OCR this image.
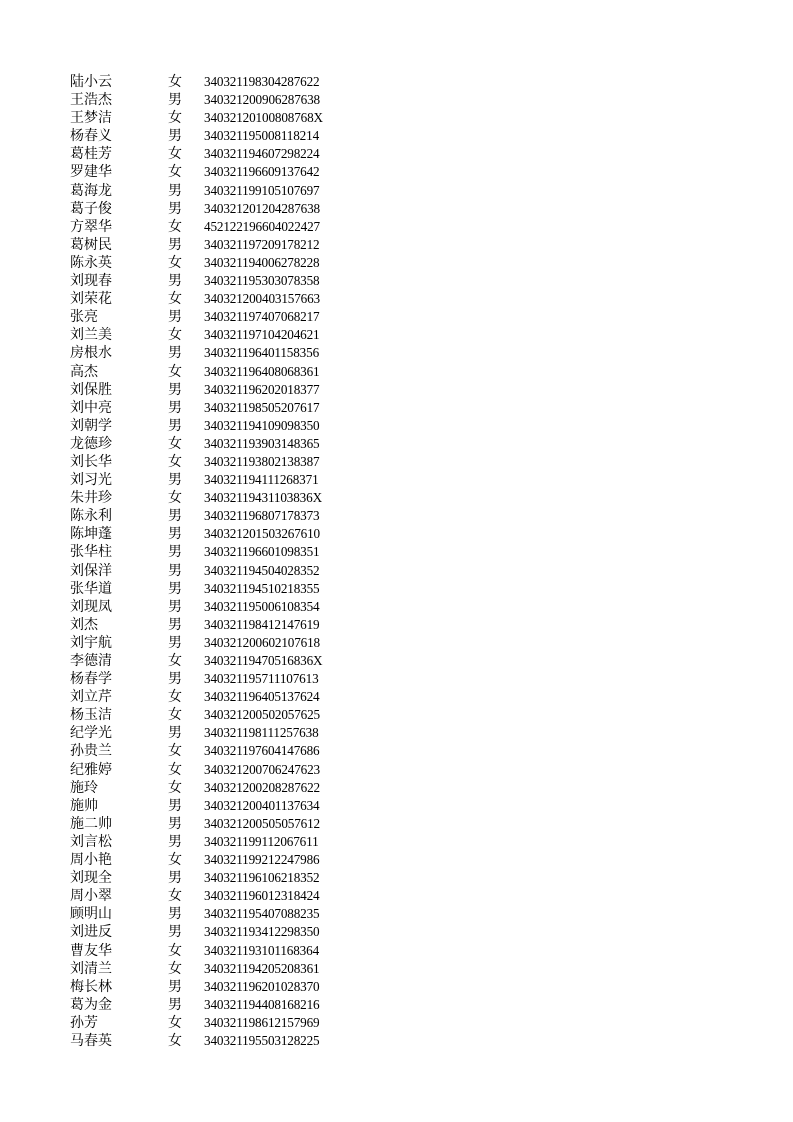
陆小云	女 340321198304287622
王浩杰	男 340321200906287638
王梦洁	女 34032120100808768X
杨春义	男 340321195008118214
葛桂芳	女 340321194607298224
罗建华	女 340321196609137642
葛海龙	男 340321199105107697
葛子俊	男 340321201204287638
方翠华	女 452122196604022427
葛树民	男 340321197209178212
陈永英	女 340321194006278228
刘现春	男 340321195303078358
刘荣花	女 340321200403157663
张亮	男 340321197407068217
刘兰美	女 340321197104204621
房根水	男 340321196401158356
高杰	女 340321196408068361
刘保胜	男 340321196202018377
刘中亮	男 340321198505207617
刘朝学	男 340321194109098350
龙德珍	女 340321193903148365
刘长华	女 340321193802138387
刘习光	男 340321194111268371
朱井珍	女 34032119431103836X
陈永利	男 340321196807178373
陈坤蓬	男 340321201503267610
张华柱	男 340321196601098351
刘保洋	男 340321194504028352
张华道	男 340321194510218355
刘现凤	男 340321195006108354
刘杰	男 340321198412147619
刘宇航	男 340321200602107618
李德清	女 34032119470516836X
杨春学	男 340321195711107613
刘立芹	女 340321196405137624
杨玉洁	女 340321200502057625
纪学光	男 340321198111257638
孙贵兰	女 340321197604147686
纪雅婷	女 340321200706247623
施玲	女 340321200208287622
施帅	男 340321200401137634
施二帅	男 340321200505057612
刘言松	男 340321199112067611
周小艳	女 340321199212247986
刘现全	男 340321196106218352
周小翠	女 340321196012318424
顾明山	男 340321195407088235
刘进反	男 340321193412298350
曹友华	女 340321193101168364
刘清兰	女 340321194205208361
梅长林	男 340321196201028370
葛为金	男 340321194408168216
孙芳	女 340321198612157969
马春英	女 340321195503128225
